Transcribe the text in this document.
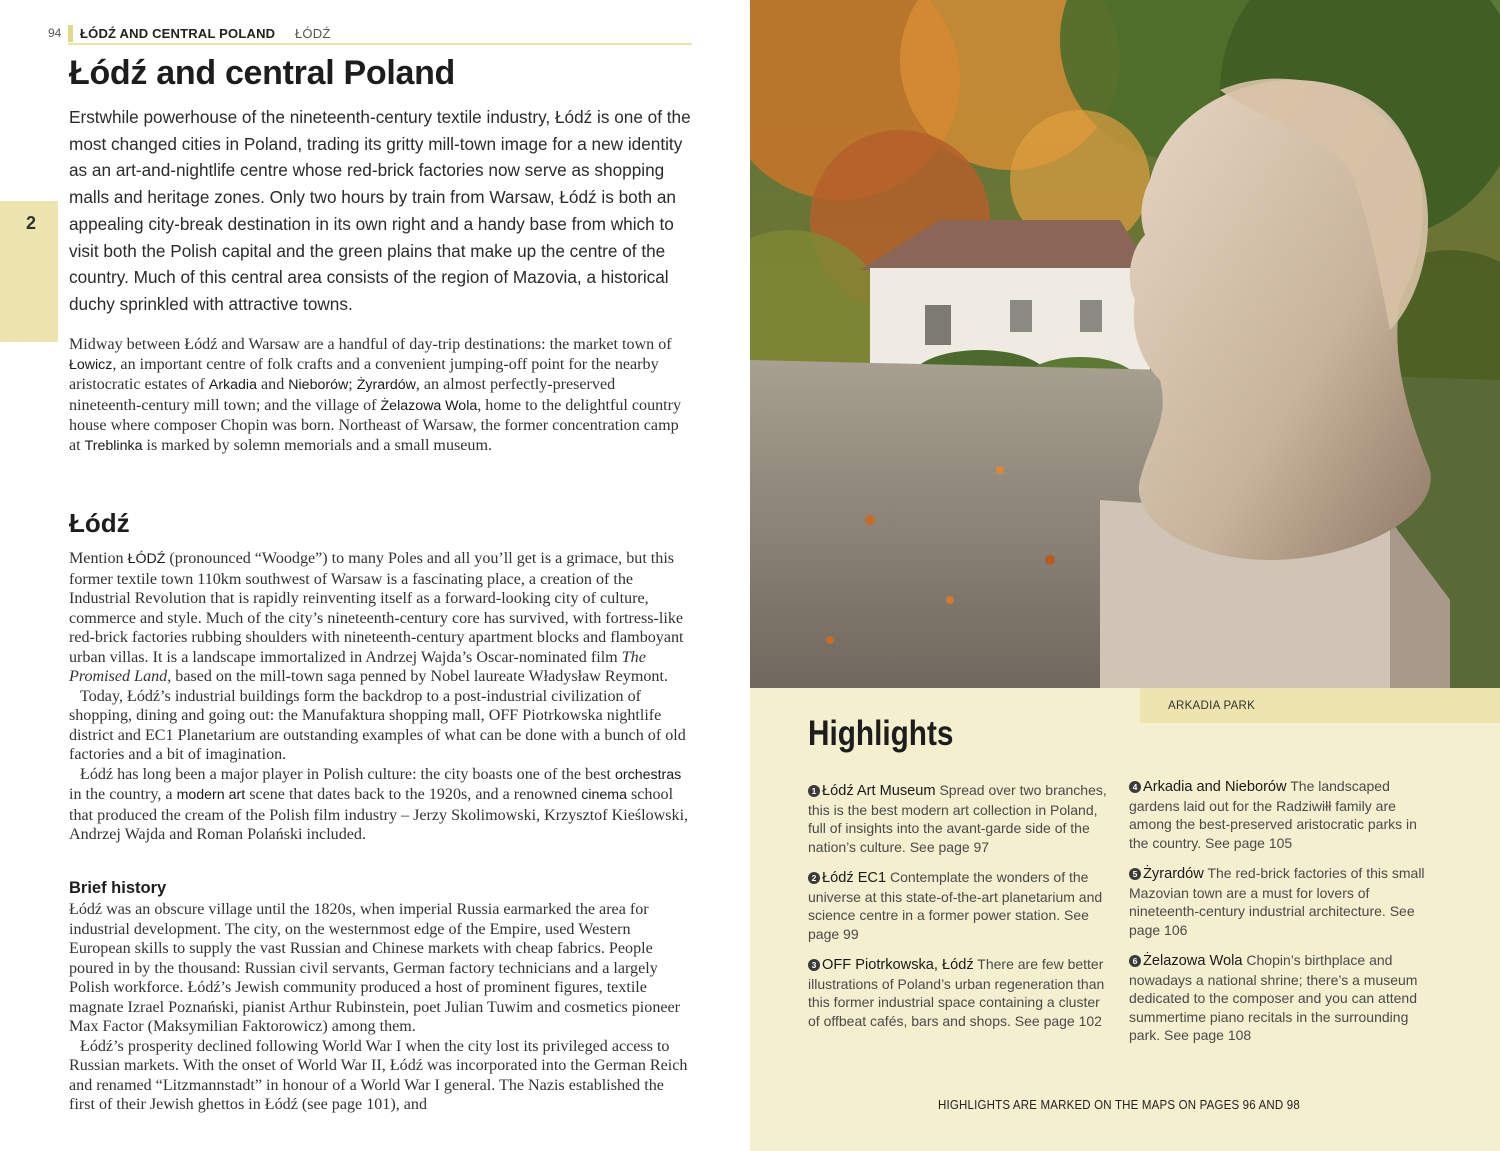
94 ŁÓDŹ AND CENTRAL POLAND ŁÓDŹ
2
Łódź and central Poland

Erstwhile powerhouse of the nineteenth-century textile industry, Łódź is one of the most changed cities in Poland, trading its gritty mill-town image for a new identity as an art-and-nightlife centre whose red-brick factories now serve as shopping malls and heritage zones. Only two hours by train from Warsaw, Łódź is both an appealing city-break destination in its own right and a handy base from which to visit both the Polish capital and the green plains that make up the centre of the country. Much of this central area consists of the region of Mazovia, a historical duchy sprinkled with attractive towns.

Midway between Łódź and Warsaw are a handful of day-trip destinations: the market town of Łowicz, an important centre of folk crafts and a convenient jumping-off point for the nearby aristocratic estates of Arkadia and Nieborów; Żyrardów, an almost perfectly-preserved nineteenth-century mill town; and the village of Żelazowa Wola, home to the delightful country house where composer Chopin was born. Northeast of Warsaw, the former concentration camp at Treblinka is marked by solemn memorials and a small museum.

Łódź

Mention ŁÓDŹ (pronounced “Woodge”) to many Poles and all you’ll get is a grimace, but this former textile town 110km southwest of Warsaw is a fascinating place, a creation of the Industrial Revolution that is rapidly reinventing itself as a forward-looking city of culture, commerce and style. Much of the city’s nineteenth-century core has survived, with fortress-like red-brick factories rubbing shoulders with nineteenth-century apartment blocks and flamboyant urban villas. It is a landscape immortalized in Andrzej Wajda’s Oscar-nominated film The Promised Land, based on the mill-town saga penned by Nobel laureate Władysław Reymont.

Today, Łódź’s industrial buildings form the backdrop to a post-industrial civilization of shopping, dining and going out: the Manufaktura shopping mall, OFF Piotrkowska nightlife district and EC1 Planetarium are outstanding examples of what can be done with a bunch of old factories and a bit of imagination.

Łódź has long been a major player in Polish culture: the city boasts one of the best orchestras in the country, a modern art scene that dates back to the 1920s, and a renowned cinema school that produced the cream of the Polish film industry – Jerzy Skolimowski, Krzysztof Kieślowski, Andrzej Wajda and Roman Polański included.

Brief history

Łódź was an obscure village until the 1820s, when imperial Russia earmarked the area for industrial development. The city, on the westernmost edge of the Empire, used Western European skills to supply the vast Russian and Chinese markets with cheap fabrics. People poured in by the thousand: Russian civil servants, German factory technicians and a largely Polish workforce. Łódź’s Jewish community produced a host of prominent figures, textile magnate Izrael Poznański, pianist Arthur Rubinstein, poet Julian Tuwim and cosmetics pioneer Max Factor (Maksymilian Faktorowicz) among them.

Łódź’s prosperity declined following World War I when the city lost its privileged access to Russian markets. With the onset of World War II, Łódź was incorporated into the German Reich and renamed “Litzmannstadt” in honour of a World War I general. The Nazis established the first of their Jewish ghettos in Łódź (see page 101), and

ARKADIA PARK
Highlights
1 Łódź Art Museum Spread over two branches, this is the best modern art collection in Poland, full of insights into the avant-garde side of the nation’s culture. See page 97
2 Łódź EC1 Contemplate the wonders of the universe at this state-of-the-art planetarium and science centre in a former power station. See page 99
3 OFF Piotrkowska, Łódź There are few better illustrations of Poland’s urban regeneration than this former industrial space containing a cluster of offbeat cafés, bars and shops. See page 102
4 Arkadia and Nieborów The landscaped gardens laid out for the Radziwiłł family are among the best-preserved aristocratic parks in the country. See page 105
5 Żyrardów The red-brick factories of this small Mazovian town are a must for lovers of nineteenth-century industrial architecture. See page 106
6 Żelazowa Wola Chopin’s birthplace and nowadays a national shrine; there’s a museum dedicated to the composer and you can attend summertime piano recitals in the surrounding park. See page 108
HIGHLIGHTS ARE MARKED ON THE MAPS ON PAGES 96 AND 98
